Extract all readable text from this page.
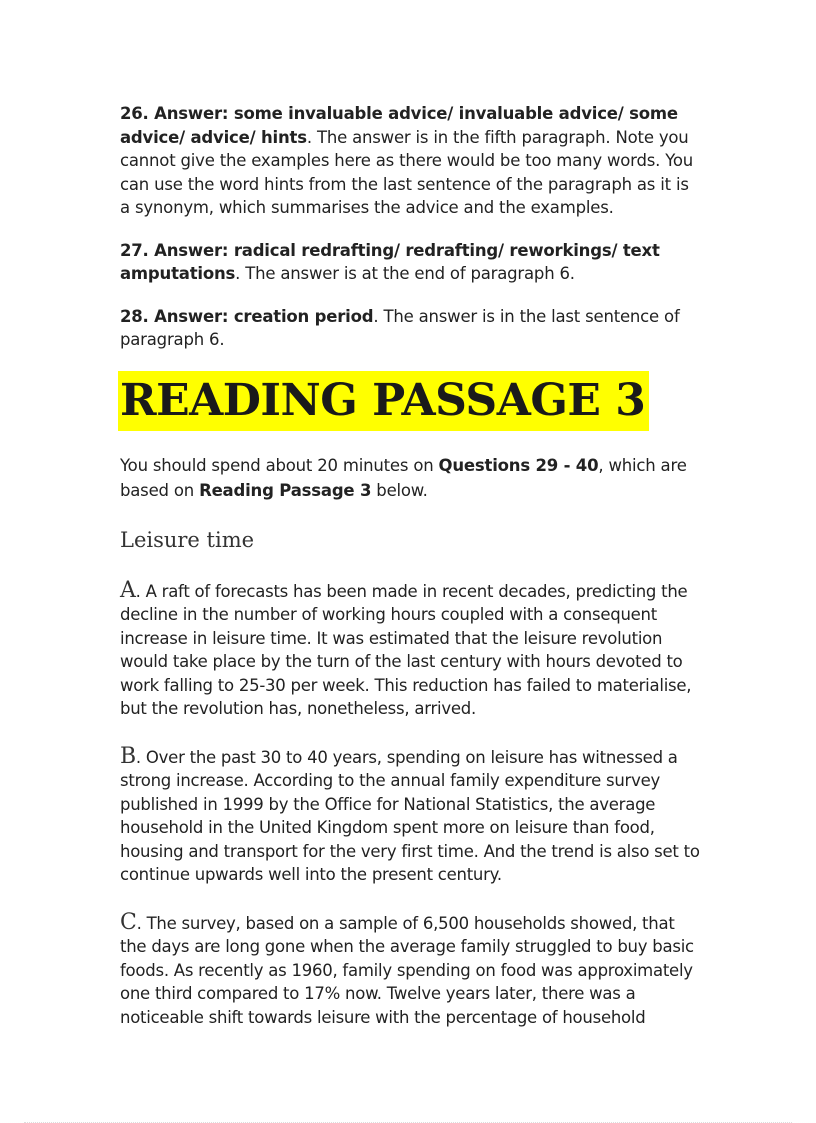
26. Answer: some invaluable advice/ invaluable advice/ some advice/ advice/ hints. The answer is in the fifth paragraph. Note you cannot give the examples here as there would be too many words. You can use the word hints from the last sentence of the paragraph as it is a synonym, which summarises the advice and the examples.

27. Answer: radical redrafting/ redrafting/ reworkings/ text amputations. The answer is at the end of paragraph 6.

28. Answer: creation period. The answer is in the last sentence of paragraph 6.

READING PASSAGE 3

You should spend about 20 minutes on Questions 29 - 40, which are based on Reading Passage 3 below.

Leisure time

A. A raft of forecasts has been made in recent decades, predicting the decline in the number of working hours coupled with a consequent increase in leisure time. It was estimated that the leisure revolution would take place by the turn of the last century with hours devoted to work falling to 25-30 per week. This reduction has failed to materialise, but the revolution has, nonetheless, arrived.

B. Over the past 30 to 40 years, spending on leisure has witnessed a strong increase. According to the annual family expenditure survey published in 1999 by the Office for National Statistics, the average household in the United Kingdom spent more on leisure than food, housing and transport for the very first time. And the trend is also set to continue upwards well into the present century.

C. The survey, based on a sample of 6,500 households showed, that the days are long gone when the average family struggled to buy basic foods. As recently as 1960, family spending on food was approximately one third compared to 17% now. Twelve years later, there was a noticeable shift towards leisure with the percentage of household
